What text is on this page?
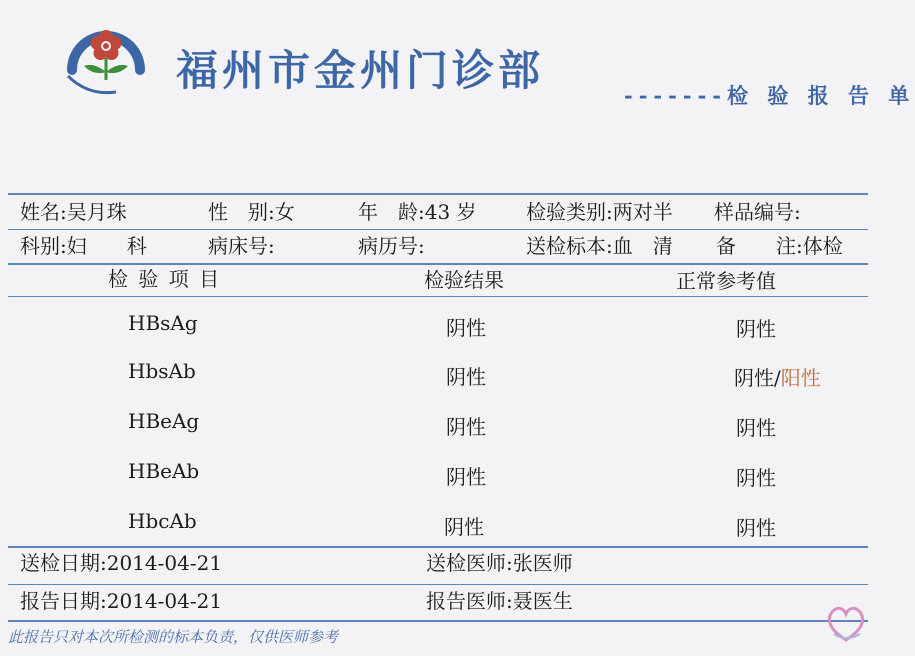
福州市金州门诊部
-------检 验 报 告 单
姓名:吴月珠	性　别:女	年　龄:43 岁 检验类别:两对半 样品编号:
科别:妇　　科	病床号:	病历号:	送检标本:血　清 备　　注:体检
检 验 项 目	检验结果	正常参考值
HBsAg	阴性	阴性
HbsAb	阴性	阴性/阳性
HBeAg	阴性	阴性
HBeAb	阴性	阴性
HbcAb	阴性	阴性
送检日期:2014-04-21	送检医师:张医师
报告日期:2014-04-21	报告医师:聂医生
此报告只对本次所检测的标本负责，仅供医师参考
